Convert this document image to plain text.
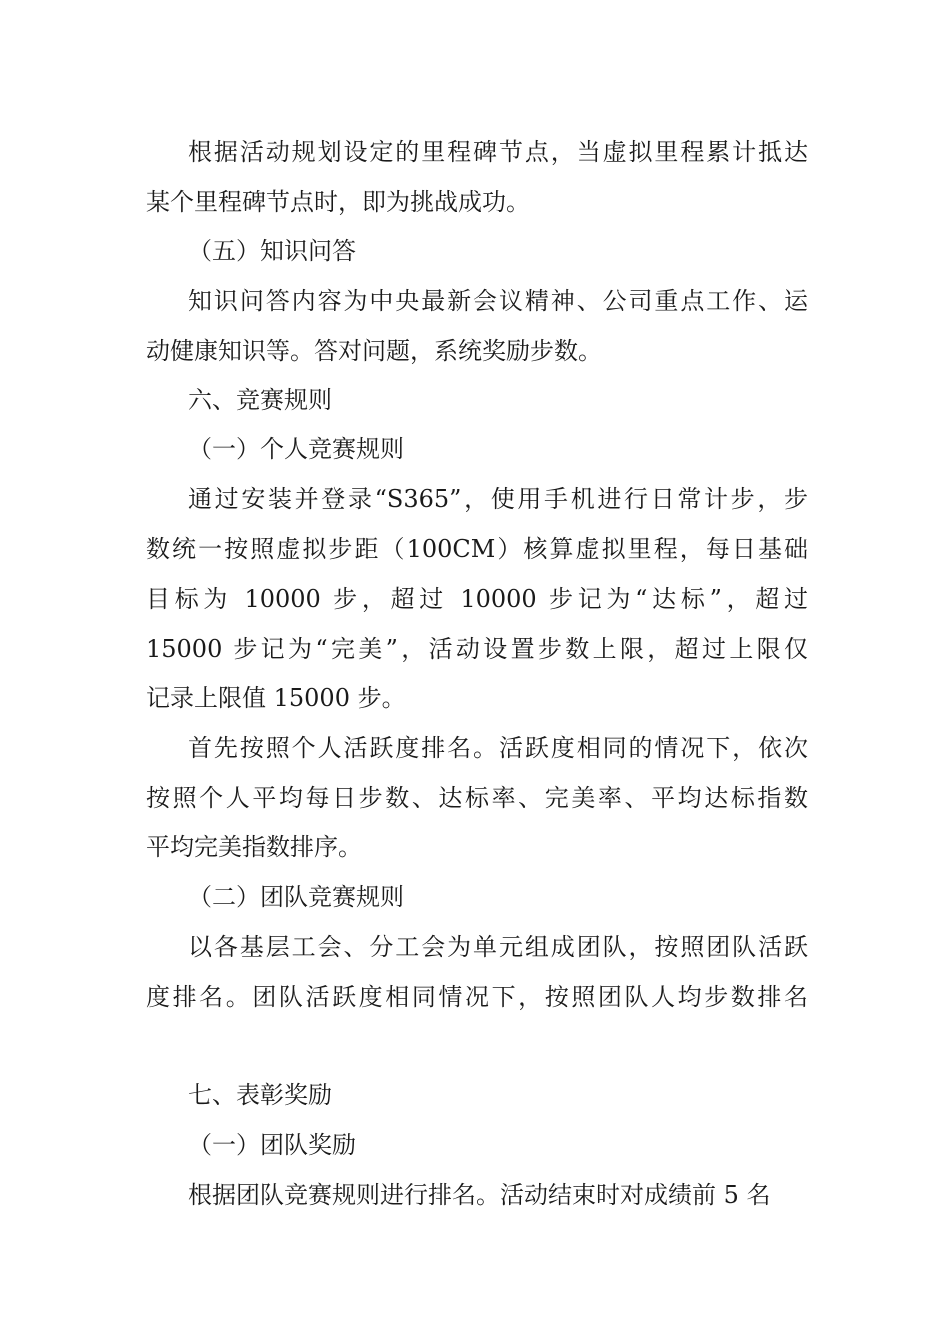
根据活动规划设定的里程碑节点，当虚拟里程累计抵达
某个里程碑节点时，即为挑战成功。
（五）知识问答
知识问答内容为中央最新会议精神、公司重点工作、运
动健康知识等。答对问题，系统奖励步数。
六、竞赛规则
（一）个人竞赛规则
通过安装并登录“S365”，使用手机进行日常计步，步
数统一按照虚拟步距（100CM）核算虚拟里程，每日基础
目标为 10000 步，超过 10000 步记为“达标”，超过
15000 步记为“完美”，活动设置步数上限，超过上限仅
记录上限值 15000 步。
首先按照个人活跃度排名。活跃度相同的情况下，依次
按照个人平均每日步数、达标率、完美率、平均达标指数
平均完美指数排序。
（二）团队竞赛规则
以各基层工会、分工会为单元组成团队，按照团队活跃
度排名。团队活跃度相同情况下，按照团队人均步数排名
七、表彰奖励
（一）团队奖励
根据团队竞赛规则进行排名。活动结束时对成绩前 5 名
